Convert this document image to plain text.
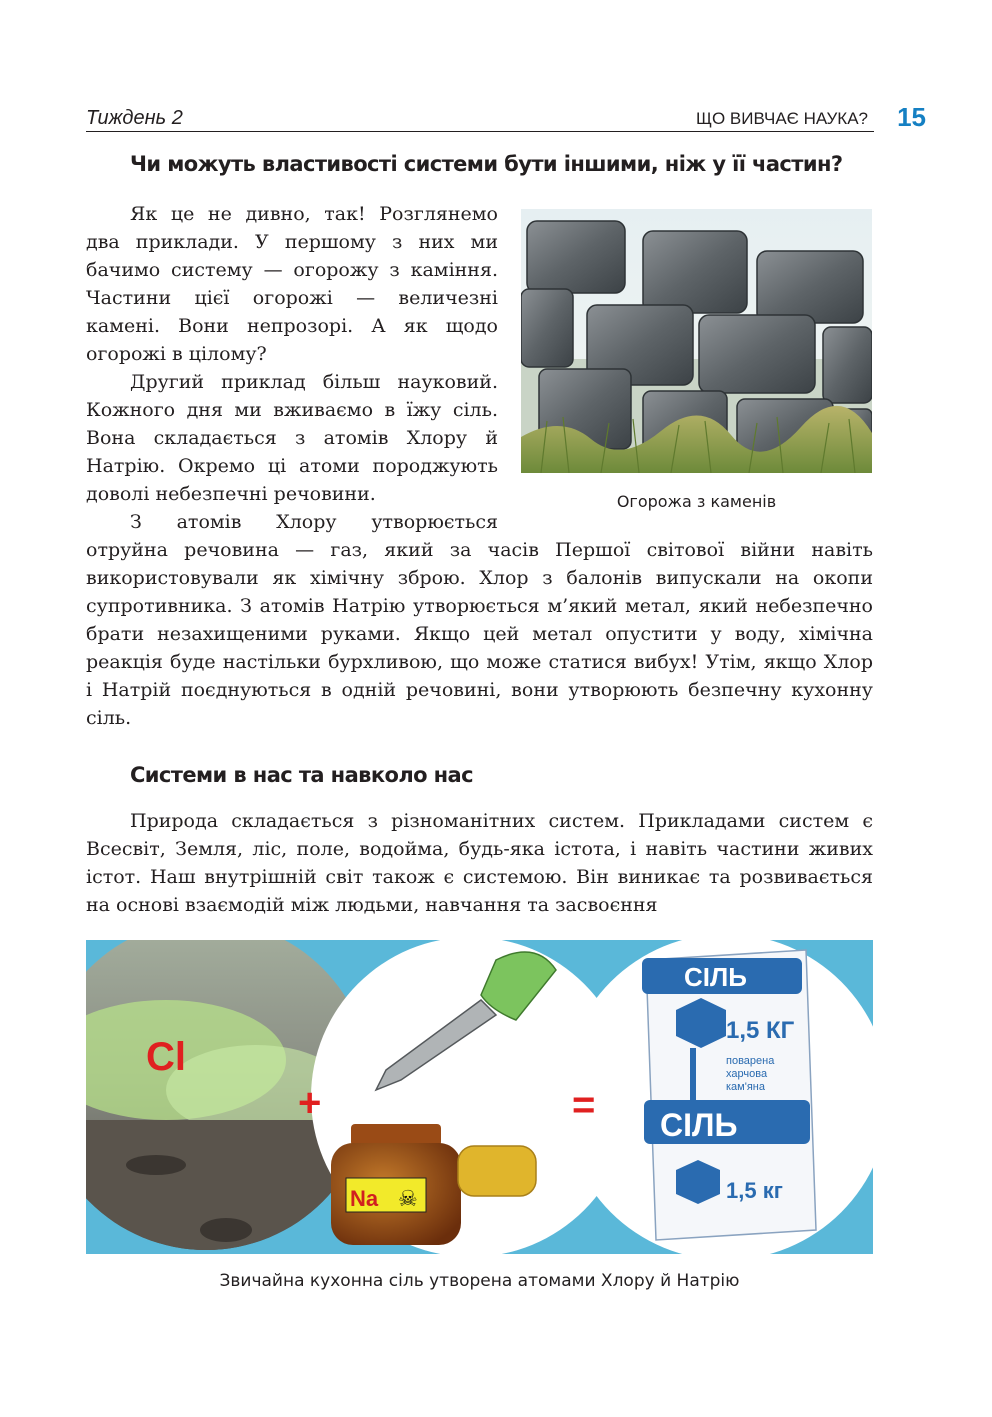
Тиждень 2	ЩО ВИВЧАЄ НАУКА? 15
Чи можуть властивості системи бути іншими, ніж у її частин?

Як це не дивно, так! Розглянемо два приклади. У першому з них ми бачимо систему — огорожу з каміння. Частини цієї огорожі — величезні камені. Вони непрозорі. А як щодо огорожі в цілому?

Другий приклад більш науковий. Кожного дня ми вживаємо в їжу сіль. Вона складається з атомів Хлору й Натрію. Окремо ці атоми породжують доволі небезпечні речовини.

З атомів Хлору утворюється

отруйна речовина — газ, який за часів Першої світової війни навіть використовували як хімічну зброю. Хлор з балонів випускали на окопи супротивника. З атомів Натрію утворюється м’який метал, який небезпечно брати незахищеними руками. Якщо цей метал опустити у воду, хімічна реакція буде настільки бурхливою, що може статися вибух! Утім, якщо Хлор і Натрій поєднуються в одній речовині, вони утворюють безпечну кухонну сіль.

Огорожа з каменів
Системи в нас та навколо нас

Природа складається з різноманітних систем. Прикладами систем є Всесвіт, Земля, ліс, поле, водойма, будь-яка істота, і навіть частини живих істот. Наш внутрішній світ також є системою. Він виникає та розвивається на основі взаємодій між людьми, навчання та засвоєння

Cl
+
Na ☠
=
СІЛЬ
1,5 КГ
поварена
харчова
кам'яна
СІЛЬ
1,5 кг
Звичайна кухонна сіль утворена атомами Хлору й Натрію
